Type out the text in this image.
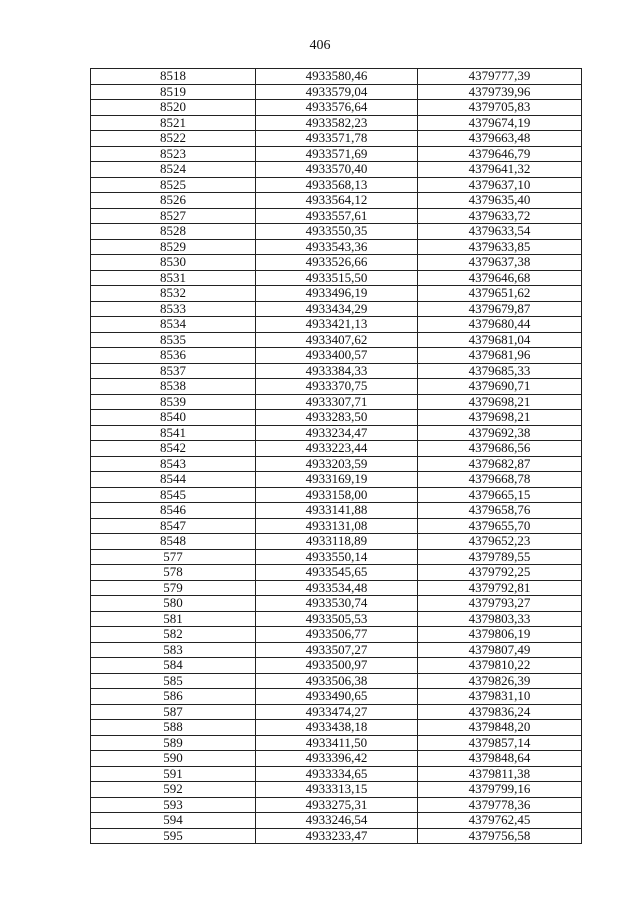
406
8518	4933580,46	4379777,39
8519	4933579,04	4379739,96
8520	4933576,64	4379705,83
8521	4933582,23	4379674,19
8522	4933571,78	4379663,48
8523	4933571,69	4379646,79
8524	4933570,40	4379641,32
8525	4933568,13	4379637,10
8526	4933564,12	4379635,40
8527	4933557,61	4379633,72
8528	4933550,35	4379633,54
8529	4933543,36	4379633,85
8530	4933526,66	4379637,38
8531	4933515,50	4379646,68
8532	4933496,19	4379651,62
8533	4933434,29	4379679,87
8534	4933421,13	4379680,44
8535	4933407,62	4379681,04
8536	4933400,57	4379681,96
8537	4933384,33	4379685,33
8538	4933370,75	4379690,71
8539	4933307,71	4379698,21
8540	4933283,50	4379698,21
8541	4933234,47	4379692,38
8542	4933223,44	4379686,56
8543	4933203,59	4379682,87
8544	4933169,19	4379668,78
8545	4933158,00	4379665,15
8546	4933141,88	4379658,76
8547	4933131,08	4379655,70
8548	4933118,89	4379652,23
577	4933550,14	4379789,55
578	4933545,65	4379792,25
579	4933534,48	4379792,81
580	4933530,74	4379793,27
581	4933505,53	4379803,33
582	4933506,77	4379806,19
583	4933507,27	4379807,49
584	4933500,97	4379810,22
585	4933506,38	4379826,39
586	4933490,65	4379831,10
587	4933474,27	4379836,24
588	4933438,18	4379848,20
589	4933411,50	4379857,14
590	4933396,42	4379848,64
591	4933334,65	4379811,38
592	4933313,15	4379799,16
593	4933275,31	4379778,36
594	4933246,54	4379762,45
595	4933233,47	4379756,58
